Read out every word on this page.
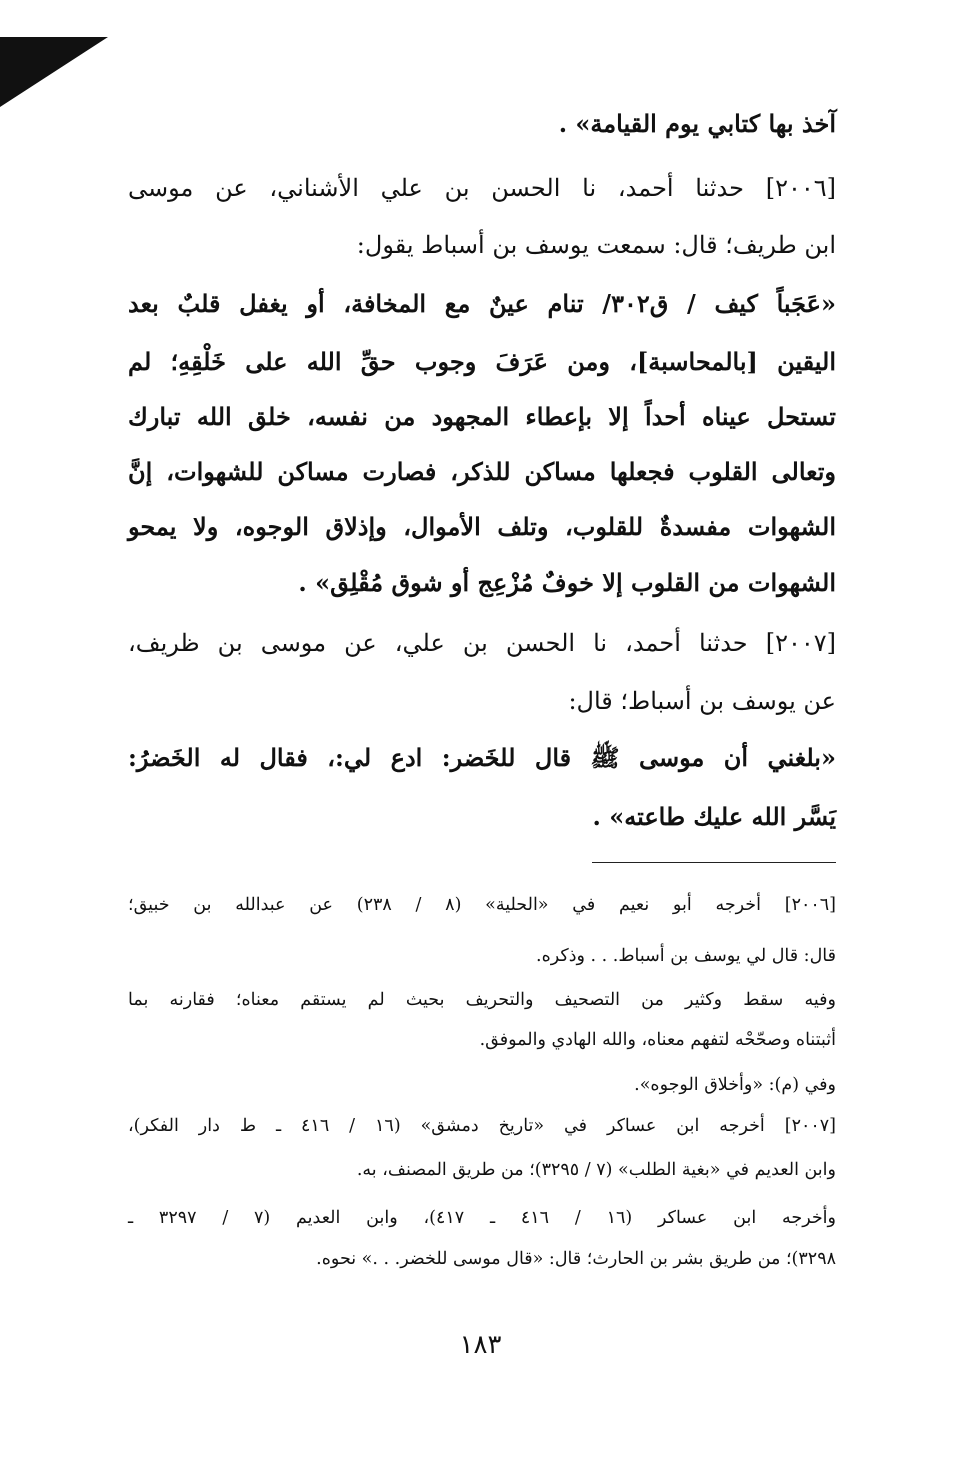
آخذ بها كتابي يوم القيامة» .
[٢٠٠٦] حدثنا أحمد، نا الحسن بن علي الأشناني، عن موسى
ابن طريف؛ قال: سمعت يوسف بن أسباط يقول:
«عَجَباً كيف / ق٣٠٢/ تنام عينٌ مع المخافة، أو يغفل قلبٌ بعد
اليقين [بالمحاسبة]، ومن عَرَفَ وجوب حقِّ الله على خَلْقِهِ؛ لم
تستحل عيناه أحداً إلا بإعطاء المجهود من نفسه، خلق الله تبارك
وتعالى القلوب فجعلها مساكن للذكر، فصارت مساكن للشهوات، إنَّ
الشهوات مفسدةٌ للقلوب، وتلف الأموال، وإذلاق الوجوه، ولا يمحو
الشهوات من القلوب إلا خوفٌ مُزْعِج أو شوق مُقْلِق» .
[٢٠٠٧] حدثنا أحمد، نا الحسن بن علي، عن موسى بن ظريف،
عن يوسف بن أسباط؛ قال:
«بلغني أن موسى ﷺ قال للخَضر: ادع لي:، فقال له الخَضرُ:
يَسَّر الله عليك طاعته» .
[٢٠٠٦] أخرجه أبو نعيم في «الحلية» (٨ / ٢٣٨) عن عبدالله بن خبيق؛
قال: قال لي يوسف بن أسباط. . . وذكره.
وفيه سقط وكثير من التصحيف والتحريف بحيث لم يستقم معناه؛ فقارنه بما
أثبتناه وصحّحْه لتفهم معناه، والله الهادي والموفق.
وفي (م): «وأخلاق الوجوه».
[٢٠٠٧] أخرجه ابن عساكر في «تاريخ دمشق» (١٦ / ٤١٦ ـ ط دار الفكر)،
وابن العديم في «بغية الطلب» (٧ / ٣٢٩٥)؛ من طريق المصنف، به.
وأخرجه ابن عساكر (١٦ / ٤١٦ ـ ٤١٧)، وابن العديم (٧ / ٣٢٩٧ ـ
٣٢٩٨)؛ من طريق بشر بن الحارث؛ قال: «قال موسى للخضر. . .» نحوه.
١٨٣
